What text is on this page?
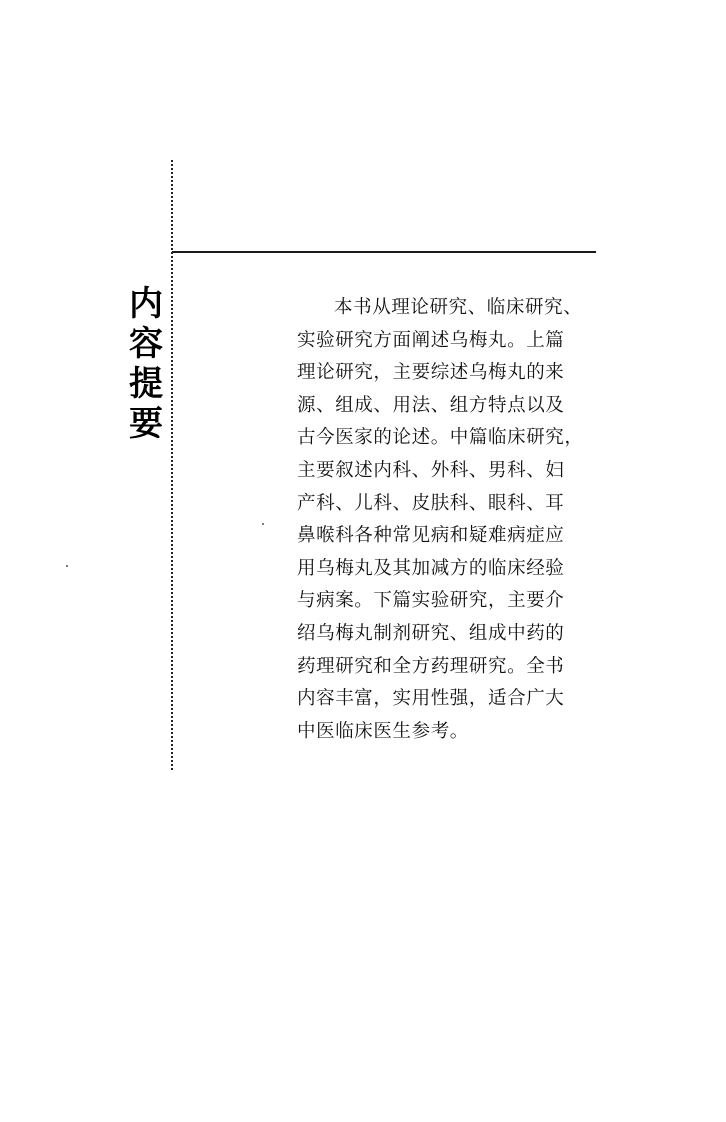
内
容
提
要
本书从理论研究、临床研究、
实验研究方面阐述乌梅丸。上篇
理论研究，主要综述乌梅丸的来
源、组成、用法、组方特点以及
古今医家的论述。中篇临床研究，
主要叙述内科、外科、男科、妇
产科、儿科、皮肤科、眼科、耳
鼻喉科各种常见病和疑难病症应
用乌梅丸及其加减方的临床经验
与病案。下篇实验研究，主要介
绍乌梅丸制剂研究、组成中药的
药理研究和全方药理研究。全书
内容丰富，实用性强，适合广大
中医临床医生参考。
